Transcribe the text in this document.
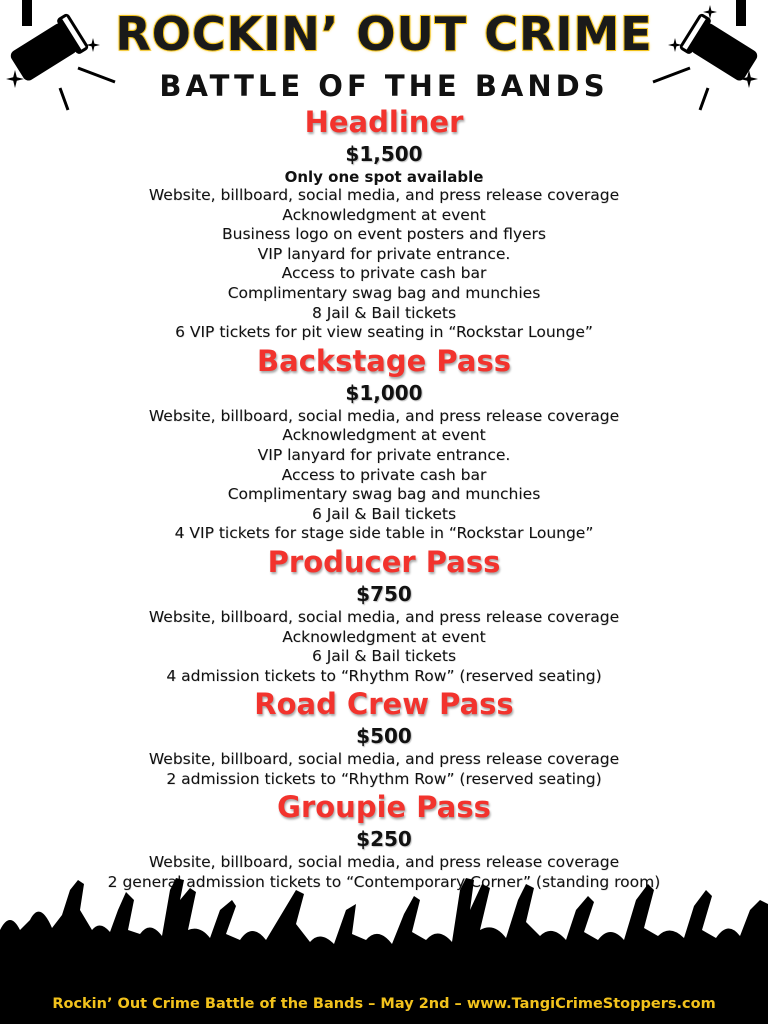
ROCKIN’ OUT CRIME
BATTLE OF THE BANDS
Headliner
$1,500
Only one spot available
Website, billboard, social media, and press release coverage
Acknowledgment at event
Business logo on event posters and flyers
VIP lanyard for private entrance.
Access to private cash bar
Complimentary swag bag and munchies
8 Jail & Bail tickets
6 VIP tickets for pit view seating in “Rockstar Lounge”
Backstage Pass
$1,000
Website, billboard, social media, and press release coverage
Acknowledgment at event
VIP lanyard for private entrance.
Access to private cash bar
Complimentary swag bag and munchies
6 Jail & Bail tickets
4 VIP tickets for stage side table in “Rockstar Lounge”
Producer Pass
$750
Website, billboard, social media, and press release coverage
Acknowledgment at event
6 Jail & Bail tickets
4 admission tickets to “Rhythm Row” (reserved seating)
Road Crew Pass
$500
Website, billboard, social media, and press release coverage
2 admission tickets to “Rhythm Row” (reserved seating)
Groupie Pass
$250
Website, billboard, social media, and press release coverage
2 general admission tickets to “Contemporary Corner” (standing room)
Rockin’ Out Crime Battle of the Bands – May 2nd – www.TangiCrimeStoppers.com
